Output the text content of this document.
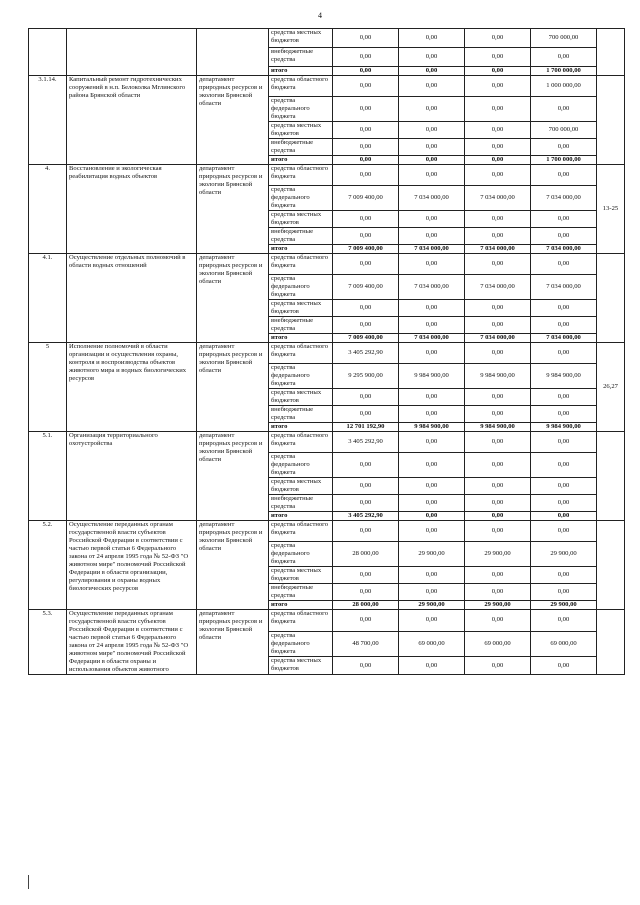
4
			средства местных бюджетов	0,00	0,00	0,00	700 000,00	
			внебюджетные средства	0,00	0,00	0,00	0,00	
			итого	0,00	0,00	0,00	1 700 000,00	
3.1.14.	Капитальный ремонт гидротехнических сооружений в н.п. Белоколка Мглинского района Брянской области	департамент природных ресурсов и экологии Брянской области	средства областного бюджета	0,00	0,00	0,00	1 000 000,00	
			средства федерального бюджета	0,00	0,00	0,00	0,00	
			средства местных бюджетов	0,00	0,00	0,00	700 000,00	
			внебюджетные средства	0,00	0,00	0,00	0,00	
			итого	0,00	0,00	0,00	1 700 000,00	
4.	Восстановление и экологическая реабилитация водных объектов	департамент природных ресурсов и экологии Брянской области	средства областного бюджета	0,00	0,00	0,00	0,00	13-25
			средства федерального бюджета	7 009 400,00	7 034 000,00	7 034 000,00	7 034 000,00	
			средства местных бюджетов	0,00	0,00	0,00	0,00	
			внебюджетные средства	0,00	0,00	0,00	0,00	
			итого	7 009 400,00	7 034 000,00	7 034 000,00	7 034 000,00	
4.1.	Осуществление отдельных полномочий в области водных отношений	департамент природных ресурсов и экологии Брянской области	средства областного бюджета	0,00	0,00	0,00	0,00	
			средства федерального бюджета	7 009 400,00	7 034 000,00	7 034 000,00	7 034 000,00	
			средства местных бюджетов	0,00	0,00	0,00	0,00	
			внебюджетные средства	0,00	0,00	0,00	0,00	
			итого	7 009 400,00	7 034 000,00	7 034 000,00	7 034 000,00	
5	Исполнение полномочий в области организации и осуществления охраны, контроля и воспроизводства объектов животного мира и водных биологических ресурсов	департамент природных ресурсов и экологии Брянской области	средства областного бюджета	3 405 292,90	0,00	0,00	0,00	26,27
			средства федерального бюджета	9 295 900,00	9 984 900,00	9 984 900,00	9 984 900,00	
			средства местных бюджетов	0,00	0,00	0,00	0,00	
			внебюджетные средства	0,00	0,00	0,00	0,00	
			итого	12 701 192,90	9 984 900,00	9 984 900,00	9 984 900,00	
5.1.	Организация территориального охотустройства	департамент природных ресурсов и экологии Брянской области	средства областного бюджета	3 405 292,90	0,00	0,00	0,00	
			средства федерального бюджета	0,00	0,00	0,00	0,00	
			средства местных бюджетов	0,00	0,00	0,00	0,00	
			внебюджетные средства	0,00	0,00	0,00	0,00	
			итого	3 405 292,90	0,00	0,00	0,00	
5.2.	Осуществление переданных органам государственной власти субъектов Российской Федерации в соответствии с частью первой статьи 6 Федерального закона от 24 апреля 1995 года № 52-ФЗ "О животном мире" полномочий Российской Федерации в области организации, регулирования и охраны водных биологических ресурсов	департамент природных ресурсов и экологии Брянской области	средства областного бюджета	0,00	0,00	0,00	0,00	
			средства федерального бюджета	28 000,00	29 900,00	29 900,00	29 900,00	
			средства местных бюджетов	0,00	0,00	0,00	0,00	
			внебюджетные средства	0,00	0,00	0,00	0,00	
			итого	28 000,00	29 900,00	29 900,00	29 900,00	
5.3.	Осуществление переданных органам государственной власти субъектов Российской Федерации в соответствии с частью первой статьи 6 Федерального закона от 24 апреля 1995 года № 52-ФЗ "О животном мире" полномочий Российской Федерации в области охраны и использования объектов животного	департамент природных ресурсов и экологии Брянской области	средства областного бюджета	0,00	0,00	0,00	0,00	
			средства федерального бюджета	48 700,00	69 000,00	69 000,00	69 000,00	
			средства местных бюджетов	0,00	0,00	0,00	0,00	
